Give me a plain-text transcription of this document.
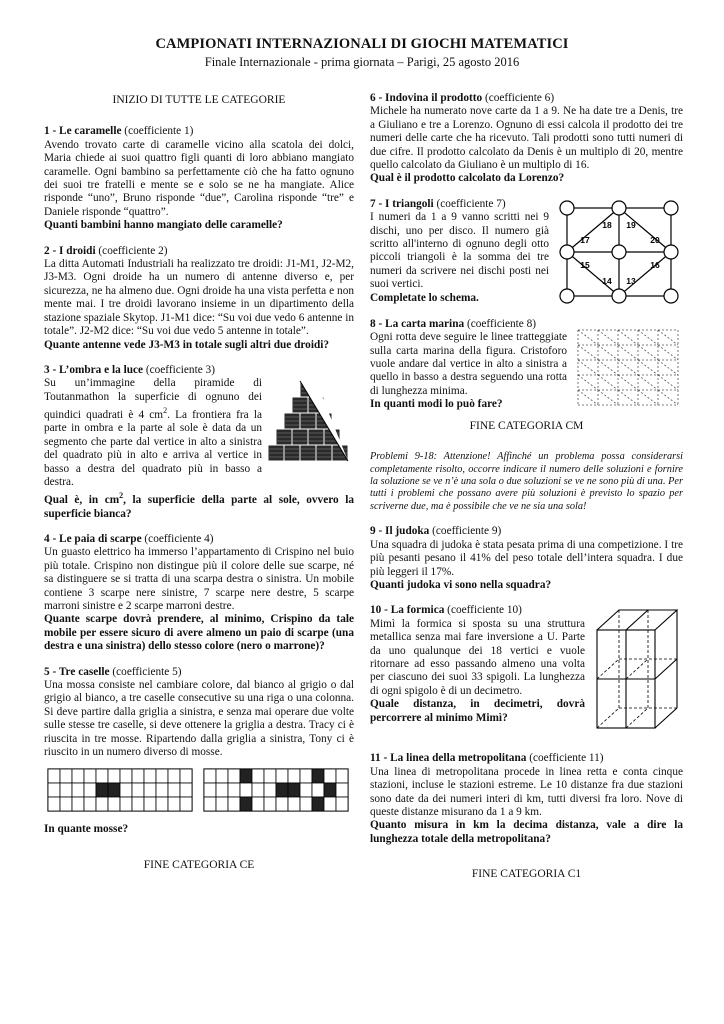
CAMPIONATI INTERNAZIONALI DI GIOCHI MATEMATICI
Finale Internazionale - prima giornata – Parigi, 25 agosto 2016
INIZIO DI TUTTE LE CATEGORIE
1 - Le caramelle (coefficiente 1)
Avendo trovato carte di caramelle vicino alla scatola dei dolci, Maria chiede ai suoi quattro figli quanti di loro abbiano mangiato caramelle. Ogni bambino sa perfettamente ciò che ha fatto ognuno dei suoi tre fratelli e mente se e solo se ne ha mangiate. Alice risponde “uno”, Bruno risponde “due”, Carolina risponde “tre” e Daniele risponde “quattro”.
Quanti bambini hanno mangiato delle caramelle?
2 - I droidi (coefficiente 2)
La ditta Automati Industriali ha realizzato tre droidi: J1-M1, J2-M2, J3-M3. Ogni droide ha un numero di antenne diverso e, per sicurezza, ne ha almeno due. Ogni droide ha una vista perfetta e non mente mai. I tre droidi lavorano insieme in un dipartimento della stazione spaziale Skytop. J1-M1 dice: “Su voi due vedo 6 antenne in totale”. J2-M2 dice: “Su voi due vedo 5 antenne in totale”.
Quante antenne vede J3-M3 in totale sugli altri due droidi?
3 - L’ombra e la luce (coefficiente 3)

Su un’immagine della piramide di Toutanmathon la superficie di ognuno dei quindici quadrati è 4 $cm^2$. La frontiera fra la parte in ombra e la parte al sole è data da un segmento che parte dal vertice in alto a sinistra del quadrato più in alto e arriva al vertice in basso a destra del quadrato più in basso a destra.
Qual è, in $cm^2$, la superficie della parte al sole, ovvero la superficie bianca?
4 - Le paia di scarpe (coefficiente 4)
Un guasto elettrico ha immerso l’appartamento di Crispino nel buio più totale. Crispino non distingue più il colore delle sue scarpe, né sa distinguere se si tratta di una scarpa destra o sinistra. Un mobile contiene 3 scarpe nere sinistre, 7 scarpe nere destre, 5 scarpe marroni sinistre e 2 scarpe marroni destre.
Quante scarpe dovrà prendere, al minimo, Crispino da tale mobile per essere sicuro di avere almeno un paio di scarpe (una destra e una sinistra) dello stesso colore (nero o marrone)?
5 - Tre caselle (coefficiente 5)
Una mossa consiste nel cambiare colore, dal bianco al grigio o dal grigio al bianco, a tre caselle consecutive su una riga o una colonna. Si deve partire dalla griglia a sinistra, e senza mai operare due volte sulle stesse tre caselle, si deve ottenere la griglia a destra. Tracy ci è riuscita in tre mosse. Ripartendo dalla griglia a sinistra, Tony ci è riuscito in un numero diverso di mosse.
In quante mosse?
FINE CATEGORIA CE
6 - Indovina il prodotto (coefficiente 6)
Michele ha numerato nove carte da 1 a 9. Ne ha date tre a Denis, tre a Giuliano e tre a Lorenzo. Ognuno di essi calcola il prodotto dei tre numeri delle carte che ha ricevuto. Tali prodotti sono tutti numeri di due cifre. Il prodotto calcolato da Denis è un multiplo di 20, mentre quello calcolato da Giuliano è un multiplo di 16.
Qual è il prodotto calcolato da Lorenzo?
18 19
17	20
15	16
14 13
7 - I triangoli (coefficiente 7)
I numeri da 1 a 9 vanno scritti nei 9 dischi, uno per disco. Il numero già scritto all'interno di ognuno degli otto piccoli triangoli è la somma dei tre numeri da scrivere nei dischi posti nei suoi vertici.
Completate lo schema.
8 - La carta marina (coefficiente 8)
Ogni rotta deve seguire le linee tratteggiate sulla carta marina della figura. Cristoforo vuole andare dal vertice in alto a sinistra a quello in basso a destra seguendo una rotta di lunghezza minima.
In quanti modi lo può fare?
FINE CATEGORIA CM
Problemi 9-18: Attenzione! Affinché un problema possa considerarsi completamente risolto, occorre indicare il numero delle soluzioni e fornire la soluzione se ve n’è una sola o due soluzioni se ve ne sono più di una. Per tutti i problemi che possano avere più soluzioni è previsto lo spazio per scriverne due, ma è possibile che ve ne sia una sola!
9 - Il judoka (coefficiente 9)
Una squadra di judoka è stata pesata prima di una competizione. I tre più pesanti pesano il 41% del peso totale dell’intera squadra. I due più leggeri il 17%.
Quanti judoka vi sono nella squadra?
10 - La formica (coefficiente 10)
Mimì la formica si sposta su una struttura metallica senza mai fare inversione a U. Parte da uno qualunque dei 18 vertici e vuole ritornare ad esso passando almeno una volta per ciascuno dei suoi 33 spigoli. La lunghezza di ogni spigolo è di un decimetro.
Quale distanza, in decimetri, dovrà percorrere al minimo Mimì?
11 - La linea della metropolitana (coefficiente 11)
Una linea di metropolitana procede in linea retta e conta cinque stazioni, incluse le stazioni estreme. Le 10 distanze fra due stazioni sono date da dei numeri interi di km, tutti diversi fra loro. Nove di queste distanze misurano da 1 a 9 km.
Quanto misura in km la decima distanza, vale a dire la lunghezza totale della metropolitana?
FINE CATEGORIA C1
